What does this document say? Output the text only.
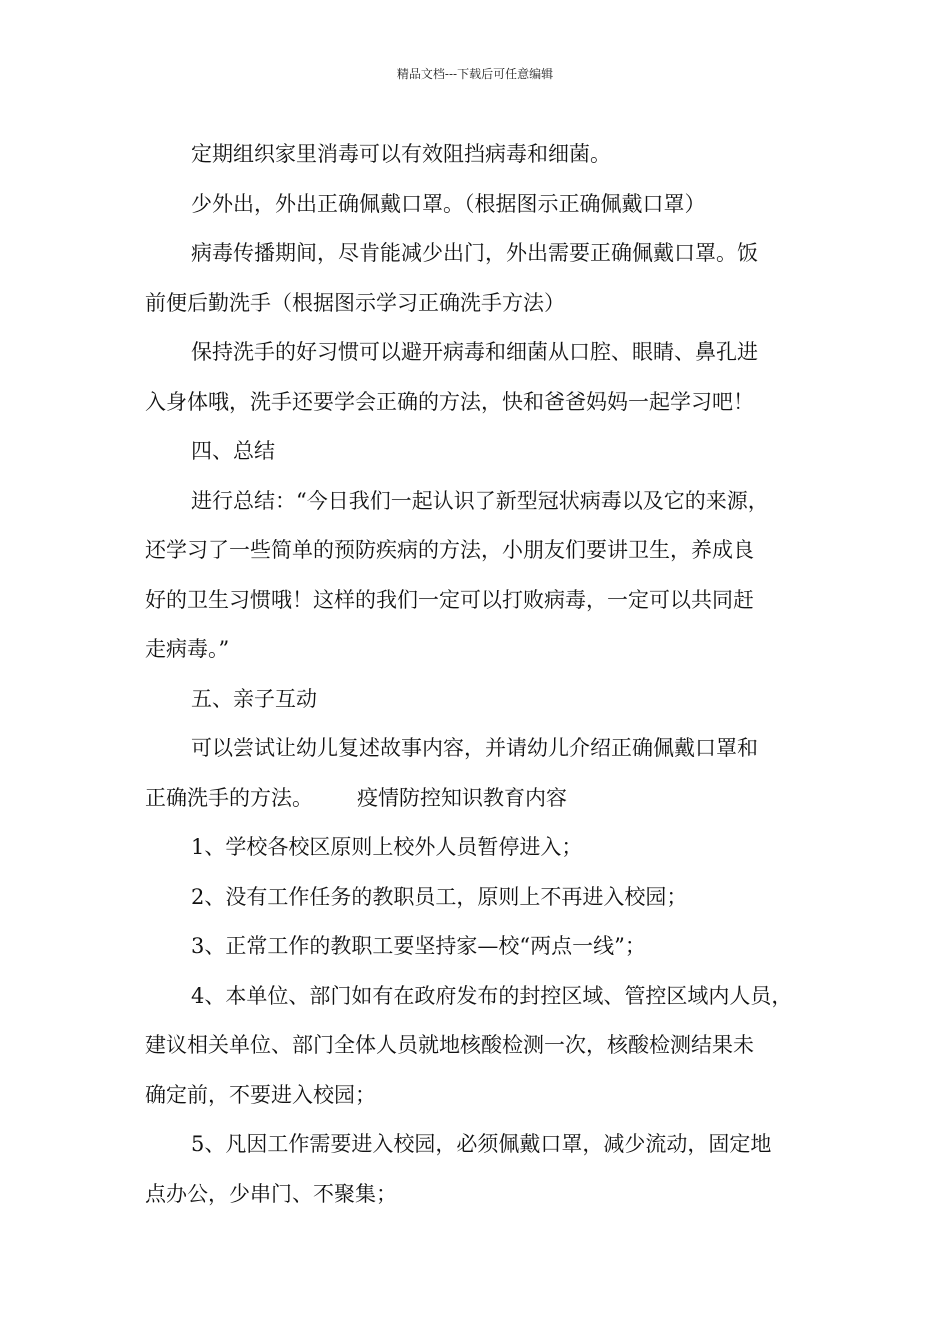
精品文档---下载后可任意编辑

定期组织家里消毒可以有效阻挡病毒和细菌。

少外出，外出正确佩戴口罩。（根据图示正确佩戴口罩）

病毒传播期间，尽肯能减少出门，外出需要正确佩戴口罩。饭

前便后勤洗手（根据图示学习正确洗手方法）

保持洗手的好习惯可以避开病毒和细菌从口腔、眼睛、鼻孔进

入身体哦，洗手还要学会正确的方法，快和爸爸妈妈一起学习吧！

四、总结

进行总结：“今日我们一起认识了新型冠状病毒以及它的来源，

还学习了一些简单的预防疾病的方法，小朋友们要讲卫生，养成良

好的卫生习惯哦！这样的我们一定可以打败病毒，一定可以共同赶

走病毒。”

五、亲子互动

可以尝试让幼儿复述故事内容，并请幼儿介绍正确佩戴口罩和

正确洗手的方法。 疫情防控知识教育内容

1、学校各校区原则上校外人员暂停进入；

2、没有工作任务的教职员工，原则上不再进入校园；

3、正常工作的教职工要坚持家—校“两点一线”；

4、本单位、部门如有在政府发布的封控区域、管控区域内人员，

建议相关单位、部门全体人员就地核酸检测一次，核酸检测结果未

确定前，不要进入校园；

5、凡因工作需要进入校园，必须佩戴口罩，减少流动，固定地

点办公，少串门、不聚集；
